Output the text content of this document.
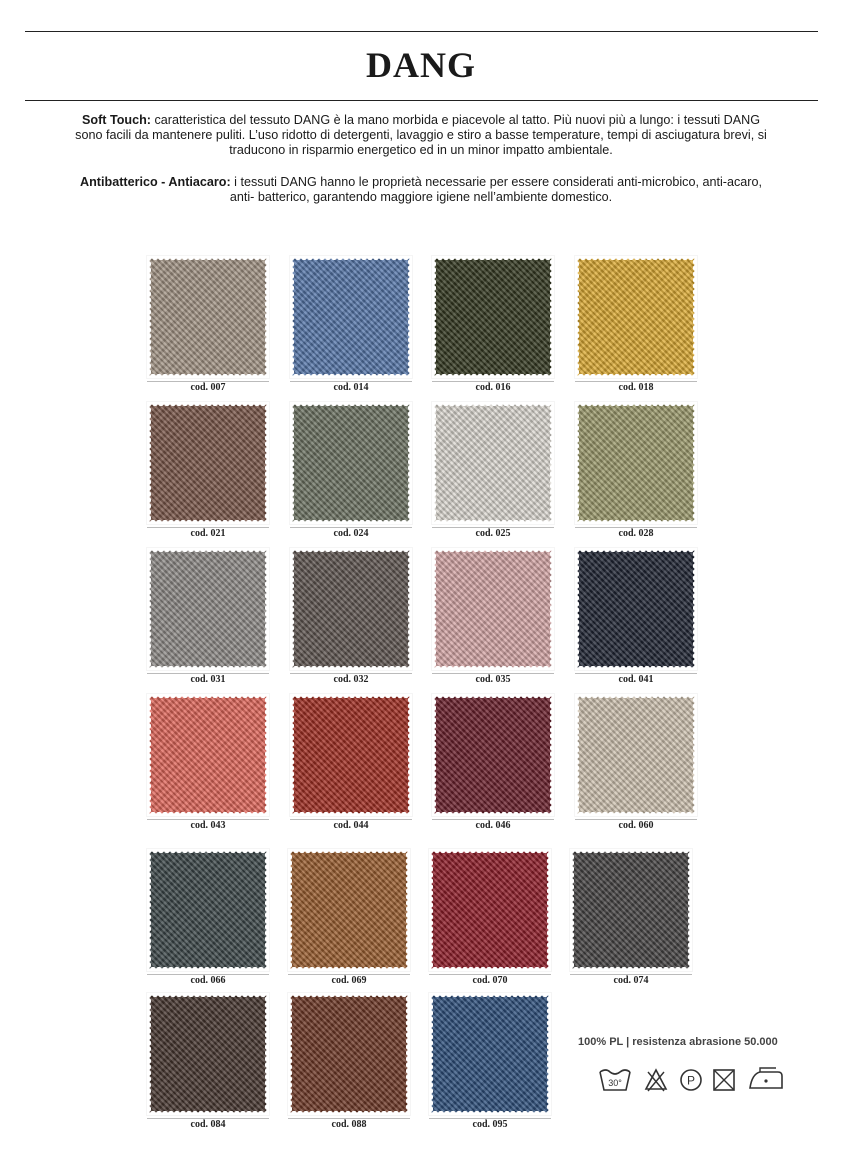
DANG

Soft Touch: caratteristica del tessuto DANG è la mano morbida e piacevole al tatto. Più nuovi più a lungo: i tessuti DANG sono facili da mantenere puliti. L’uso ridotto di detergenti, lavaggio e stiro a basse temperature, tempi di asciugatura brevi, si traducono in risparmio energetico ed in un minor impatto ambientale.

Antibatterico - Antiacaro: i tessuti DANG hanno le proprietà necessarie per essere considerati anti-microbico, anti-acaro, anti- batterico, garantendo maggiore igiene nell’ambiente domestico.

cod. 007	cod. 014	cod. 016	cod. 018
cod. 021	cod. 024	cod. 025	cod. 028
cod. 031	cod. 032	cod. 035	cod. 041
cod. 043	cod. 044	cod. 046	cod. 060
cod. 066	cod. 069	cod. 070	cod. 074
cod. 084	cod. 088	cod. 095
100% PL | resistenza abrasione 50.000
30°	P
